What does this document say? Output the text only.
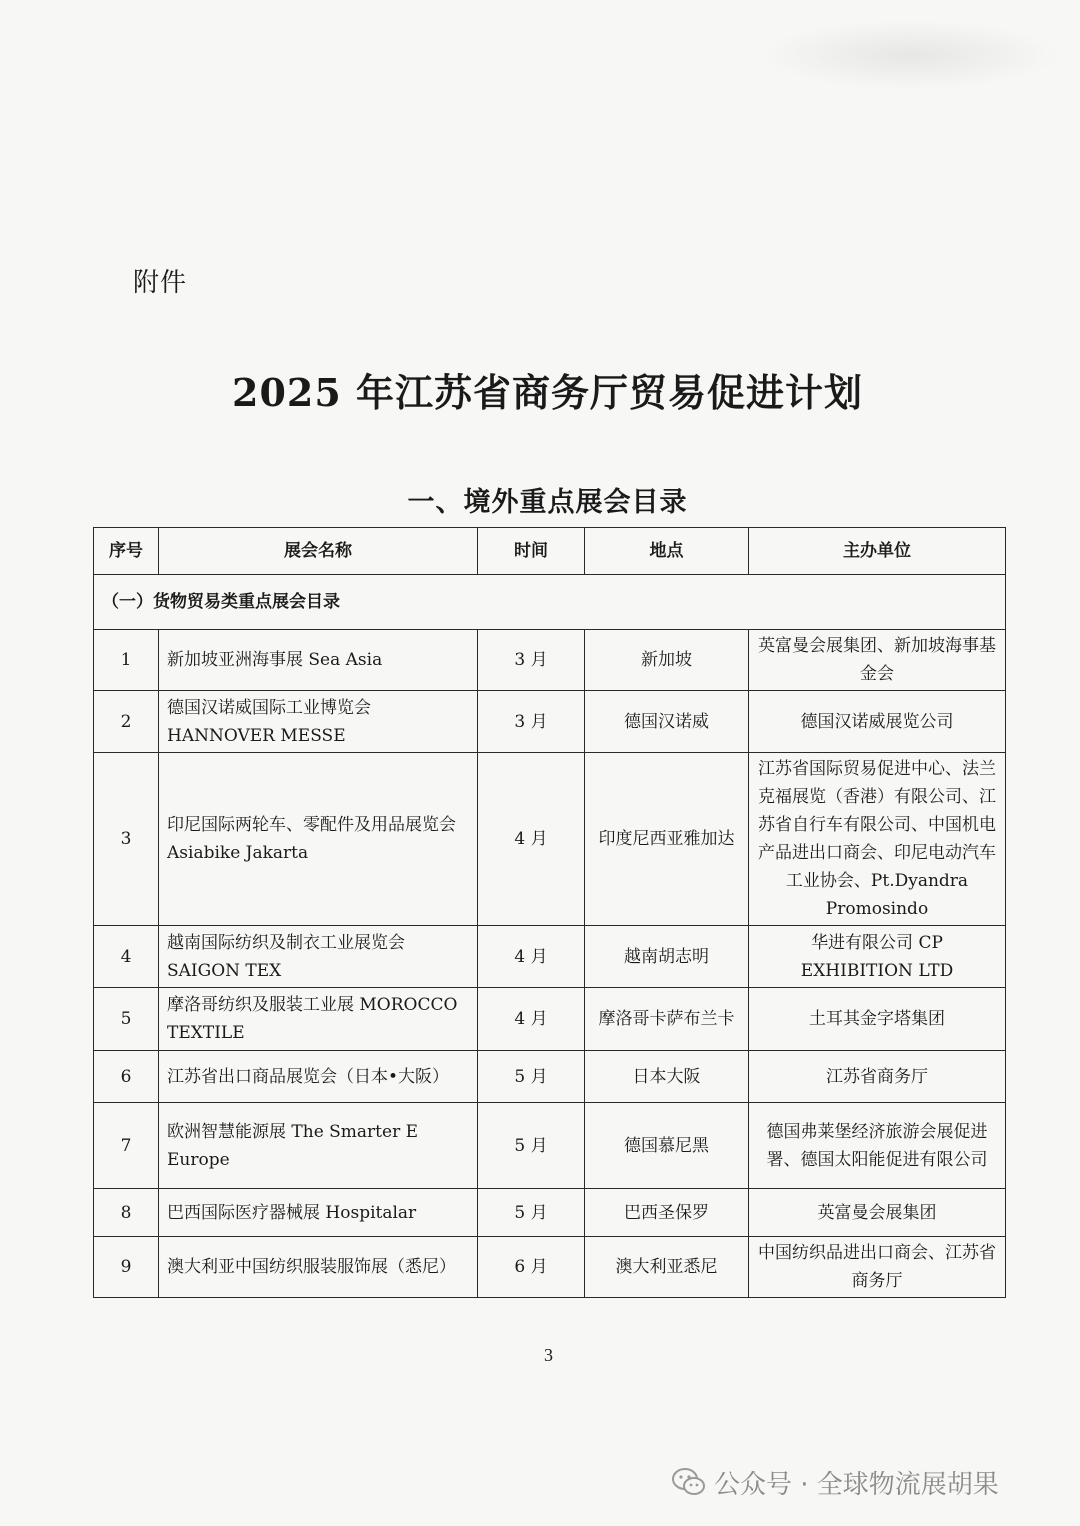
附件
2025 年江苏省商务厅贸易促进计划
一、境外重点展会目录
序号	展会名称	时间	地点	主办单位
（一）货物贸易类重点展会目录				
1	新加坡亚洲海事展 Sea Asia	3 月	新加坡	英富曼会展集团、新加坡海事基金会
2	德国汉诺威国际工业博览会 HANNOVER MESSE	3 月	德国汉诺威	德国汉诺威展览公司
3	印尼国际两轮车、零配件及用品展览会 Asiabike Jakarta	4 月	印度尼西亚雅加达	江苏省国际贸易促进中心、法兰克福展览（香港）有限公司、江苏省自行车有限公司、中国机电产品进出口商会、印尼电动汽车工业协会、Pt.Dyandra Promosindo
4	越南国际纺织及制衣工业展览会 SAIGON TEX	4 月	越南胡志明	华进有限公司 CP EXHIBITION LTD
5	摩洛哥纺织及服装工业展 MOROCCO TEXTILE	4 月	摩洛哥卡萨布兰卡	土耳其金字塔集团
6	江苏省出口商品展览会（日本•大阪）	5 月	日本大阪	江苏省商务厅
7	欧洲智慧能源展 The Smarter E Europe	5 月	德国慕尼黑	德国弗莱堡经济旅游会展促进署、德国太阳能促进有限公司
8	巴西国际医疗器械展 Hospitalar	5 月	巴西圣保罗	英富曼会展集团
9	澳大利亚中国纺织服装服饰展（悉尼）	6 月	澳大利亚悉尼	中国纺织品进出口商会、江苏省商务厅
3
公众号 · 全球物流展胡果
